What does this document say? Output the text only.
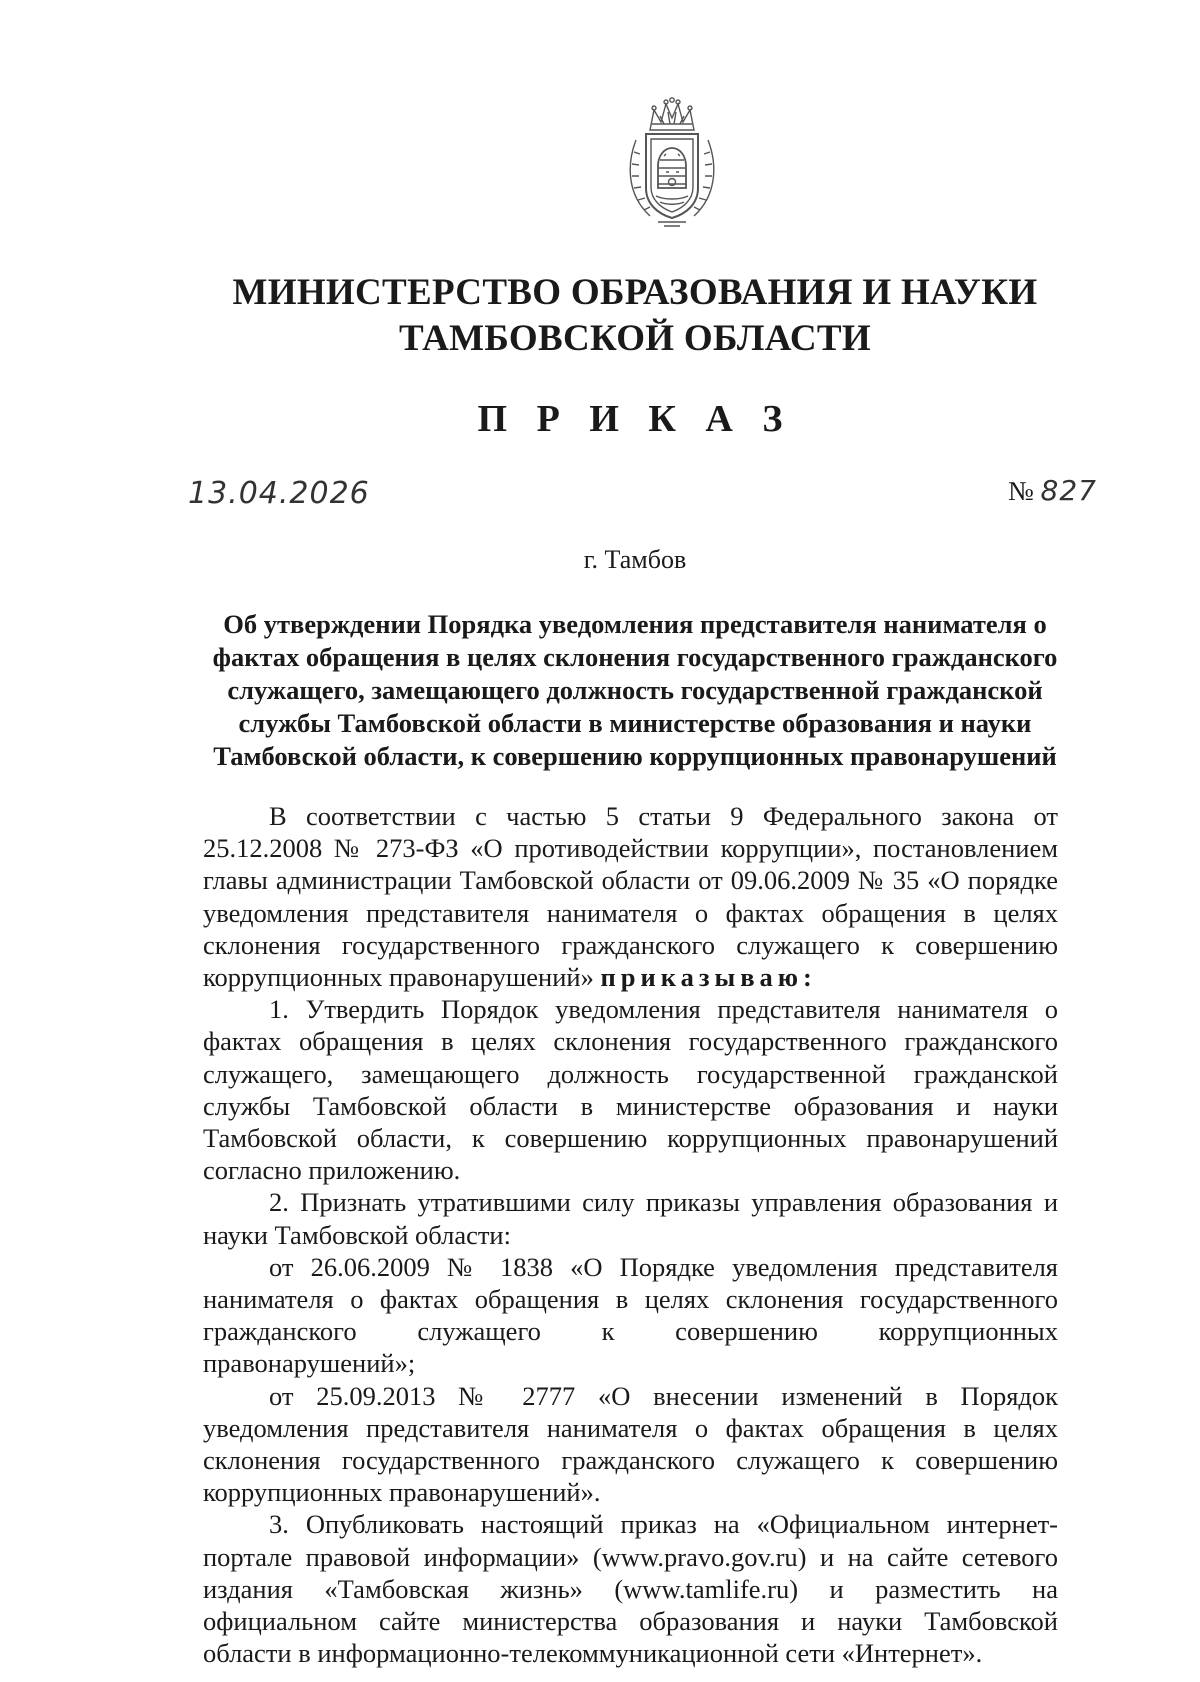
МИНИСТЕРСТВО ОБРАЗОВАНИЯ И НАУКИ
ТАМБОВСКОЙ ОБЛАСТИ
П Р И К А З
13.04.2026	№ 827
г. Тамбов
Об утверждении Порядка уведомления представителя нанимателя о
фактах обращения в целях склонения государственного гражданского
служащего, замещающего должность государственной гражданской
службы Тамбовской области в министерстве образования и науки
Тамбовской области, к совершению коррупционных правонарушений

В соответствии с частью 5 статьи 9 Федерального закона от 25.12.2008 № 273-ФЗ «О противодействии коррупции», постановлением главы администрации Тамбовской области от 09.06.2009 № 35 «О порядке уведомления представителя нанимателя о фактах обращения в целях склонения государственного гражданского служащего к совершению коррупционных правонарушений» приказываю:

1. Утвердить Порядок уведомления представителя нанимателя о фактах обращения в целях склонения государственного гражданского служащего, замещающего должность государственной гражданской службы Тамбовской области в министерстве образования и науки Тамбовской области, к совершению коррупционных правонарушений согласно приложению.

2. Признать утратившими силу приказы управления образования и науки Тамбовской области:

от 26.06.2009 № 1838 «О Порядке уведомления представителя нанимателя о фактах обращения в целях склонения государственного гражданского служащего к совершению коррупционных правонарушений»;

от 25.09.2013 № 2777 «О внесении изменений в Порядок уведомления представителя нанимателя о фактах обращения в целях склонения государственного гражданского служащего к совершению коррупционных правонарушений».

3. Опубликовать настоящий приказ на «Официальном интернет-портале правовой информации» (www.pravo.gov.ru) и на сайте сетевого издания «Тамбовская жизнь» (www.tamlife.ru) и разместить на официальном сайте министерства образования и науки Тамбовской области в информационно-телекоммуникационной сети «Интернет».
